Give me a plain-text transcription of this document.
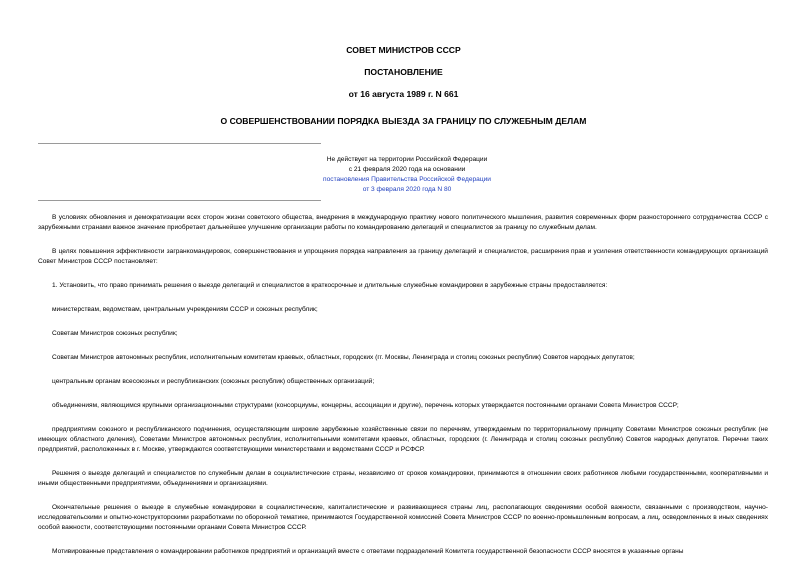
СОВЕТ МИНИСТРОВ СССР
ПОСТАНОВЛЕНИЕ
от 16 августа 1989 г. N 661
О СОВЕРШЕНСТВОВАНИИ ПОРЯДКА ВЫЕЗДА ЗА ГРАНИЦУ ПО СЛУЖЕБНЫМ ДЕЛАМ
Не действует на территории Российской Федерации
с 21 февраля 2020 года на основании
постановления Правительства Российской Федерации
от 3 февраля 2020 года N 80

В условиях обновления и демократизации всех сторон жизни советского общества, внедрения в международную практику нового политического мышления, развития современных форм разностороннего сотрудничества СССР с зарубежными странами важное значение приобретает дальнейшее улучшение организации работы по командированию делегаций и специалистов за границу по служебным делам.

В целях повышения эффективности загранкомандировок, совершенствования и упрощения порядка направления за границу делегаций и специалистов, расширения прав и усиления ответственности командирующих организаций Совет Министров СССР постановляет:

1. Установить, что право принимать решения о выезде делегаций и специалистов в краткосрочные и длительные служебные командировки в зарубежные страны предоставляется:

министерствам, ведомствам, центральным учреждениям СССР и союзных республик;

Советам Министров союзных республик;

Советам Министров автономных республик, исполнительным комитетам краевых, областных, городских (гг. Москвы, Ленинграда и столиц союзных республик) Советов народных депутатов;

центральным органам всесоюзных и республиканских (союзных республик) общественных организаций;

объединениям, являющимся крупными организационными структурами (консорциумы, концерны, ассоциации и другие), перечень которых утверждается постоянными органами Совета Министров СССР;

предприятиям союзного и республиканского подчинения, осуществляющим широкие зарубежные хозяйственные связи по перечням, утверждаемым по территориальному принципу Советами Министров союзных республик (не имеющих областного деления), Советами Министров автономных республик, исполнительными комитетами краевых, областных, городских (г. Ленинграда и столиц союзных республик) Советов народных депутатов. Перечни таких предприятий, расположенных в г. Москве, утверждаются соответствующими министерствами и ведомствами СССР и РСФСР.

Решения о выезде делегаций и специалистов по служебным делам в социалистические страны, независимо от сроков командировки, принимаются в отношении своих работников любыми государственными, кооперативными и иными общественными предприятиями, объединениями и организациями.

Окончательные решения о выезде в служебные командировки в социалистические, капиталистические и развивающиеся страны лиц, располагающих сведениями особой важности, связанными с производством, научно-исследовательскими и опытно-конструкторскими разработками по оборонной тематике, принимаются Государственной комиссией Совета Министров СССР по военно-промышленным вопросам, а лиц, осведомленных в иных сведениях особой важности, соответствующими постоянными органами Совета Министров СССР.

Мотивированные представления о командировании работников предприятий и организаций вместе с ответами подразделений Комитета государственной безопасности СССР вносятся в указанные органы
